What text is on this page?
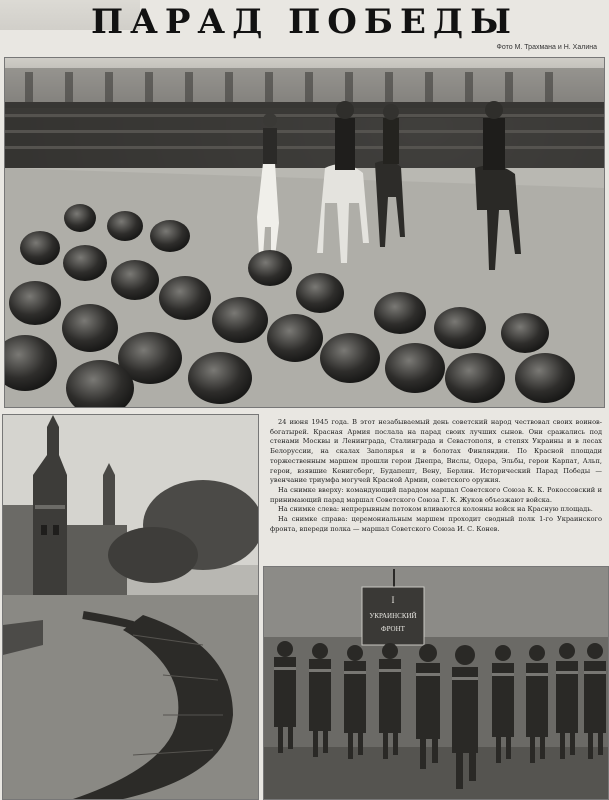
ПАРАД ПОБЕДЫ
Фото М. Трахмана и Н. Халина

24 июня 1945 года. В этот незабываемый день советский народ чествовал своих воинов-богатырей. Красная Армия послала на парад своих лучших сынов. Они сражались под стенами Москвы и Ленинграда, Сталинграда и Севастополя, в степях Украины и в лесах Белоруссии, на скалах Заполярья и в болотах Финляндии. По Красной площади торжественным маршем прошли герои Днепра, Вислы, Одера, Эльбы, герои Карпат, Альп, герои, взявшие Кенигсберг, Будапешт, Вену, Берлин. Исторический Парад Победы — увенчание триумфа могучей Красной Армии, советского оружия.

На снимке вверху: командующий парадом маршал Советского Союза К. К. Рокоссовский и принимающий парад маршал Советского Союза Г. К. Жуков объезжают войска.

На снимке слева: непрерывным потоком вливаются колонны войск на Красную площадь.

На снимке справа: церемониальным маршем проходит сводный полк 1-го Украинского фронта, впереди полка — маршал Советского Союза И. С. Конев.

I
УКРАИНСКИЙ
ФРОНТ
